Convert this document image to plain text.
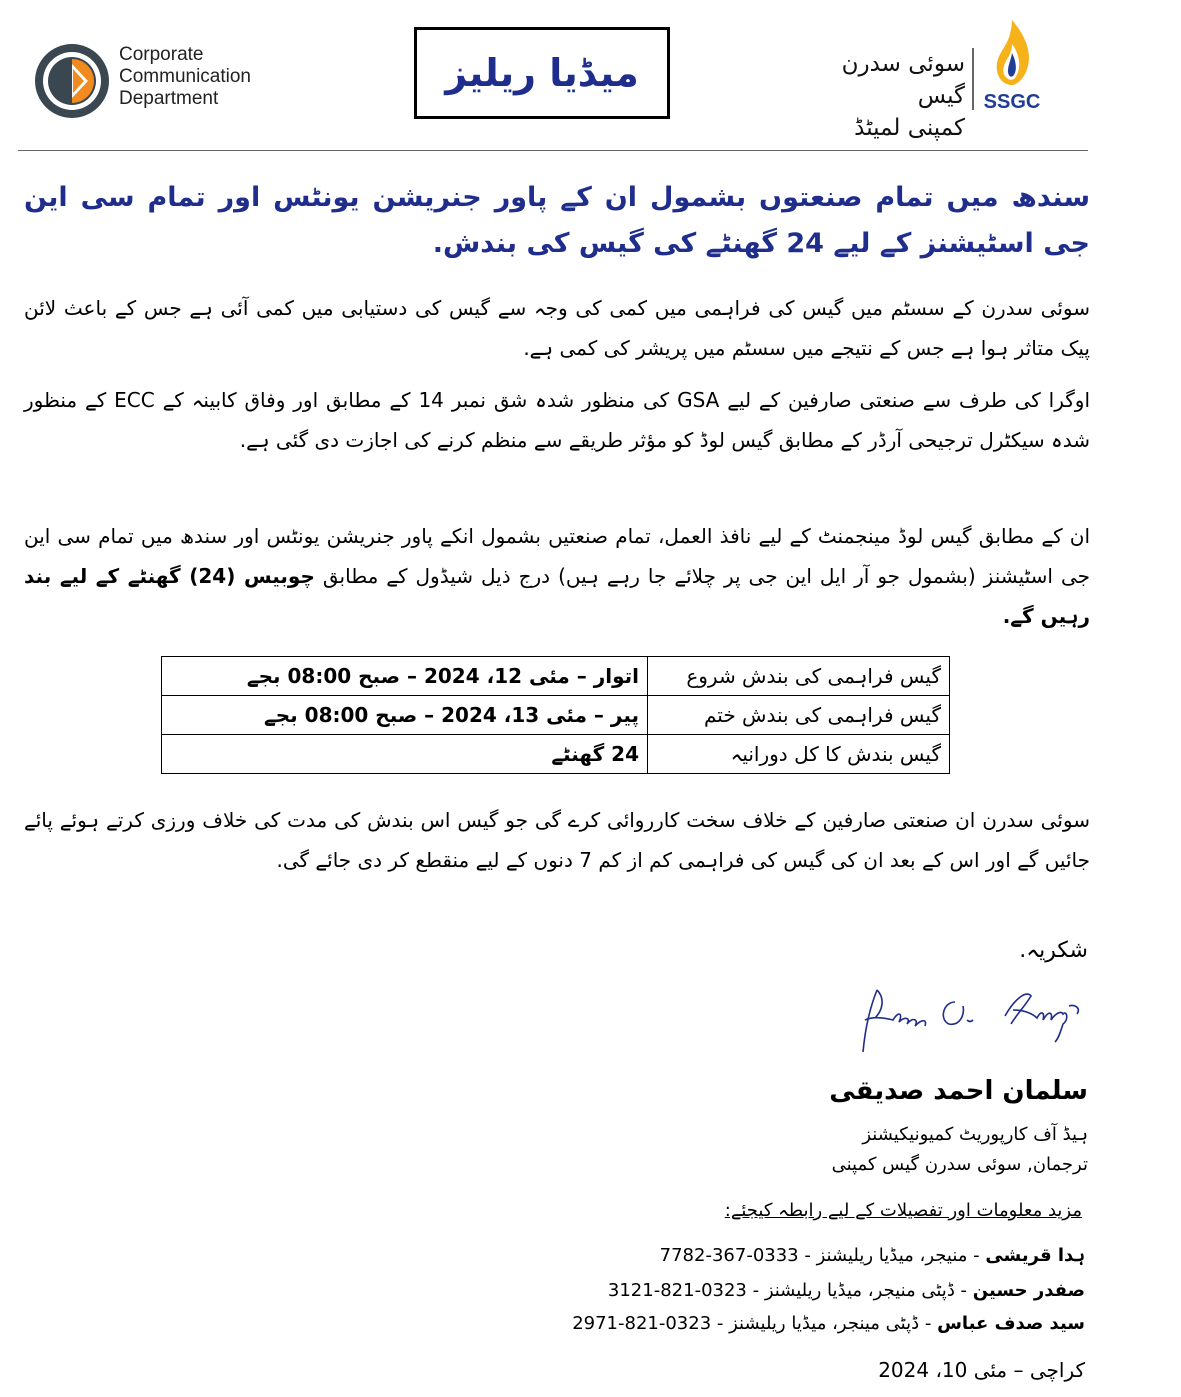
Corporate
Communication
Department
میڈیا ریلیز	سوئی سدرن گیس
کمپنی لمیٹڈ
SSGC
سندھ میں تمام صنعتوں بشمول ان کے پاور جنریشن یونٹس اور تمام سی این جی اسٹیشنز کے لیے 24 گھنٹے کی گیس کی بندش.
سوئی سدرن کے سسٹم میں گیس کی فراہمی میں کمی کی وجہ سے گیس کی دستیابی میں کمی آئی ہے جس کے باعث لائن پیک متاثر ہوا ہے جس کے نتیجے میں سسٹم میں پریشر کی کمی ہے.
اوگرا کی طرف سے صنعتی صارفین کے لیے GSA کی منظور شدہ شق نمبر 14 کے مطابق اور وفاق کابینہ کے ECC کے منظور شدہ سیکٹرل ترجیحی آرڈر کے مطابق گیس لوڈ کو مؤثر طریقے سے منظم کرنے کی اجازت دی گئی ہے.
ان کے مطابق گیس لوڈ مینجمنٹ کے لیے نافذ العمل، تمام صنعتیں بشمول انکے پاور جنریشن یونٹس اور سندھ میں تمام سی این جی اسٹیشنز (بشمول جو آر ایل این جی پر چلائے جا رہے ہیں) درج ذیل شیڈول کے مطابق چوبیس (24) گھنٹے کے لیے بند رہیں گے.
گیس فراہمی کی بندش شروع	اتوار – مئی 12، 2024 – صبح 08:00 بجے
گیس فراہمی کی بندش ختم	پیر – مئی 13، 2024 – صبح 08:00 بجے
گیس بندش کا کل دورانیہ	24 گھنٹے
سوئی سدرن ان صنعتی صارفین کے خلاف سخت کارروائی کرے گی جو گیس اس بندش کی مدت کی خلاف ورزی کرتے ہوئے پائے جائیں گے اور اس کے بعد ان کی گیس کی فراہمی کم از کم 7 دنوں کے لیے منقطع کر دی جائے گی.
شکریہ.
سلمان احمد صدیقی
ہیڈ آف کارپوریٹ کمیونیکیشنز
ترجمان, سوئی سدرن گیس کمپنی
مزید معلومات اور تفصیلات کے لیے رابطہ کیجئے:
ہدا قریشی - منیجر، میڈیا ریلیشنز - 0333-367-7782
صفدر حسین - ڈپٹی منیجر، میڈیا ریلیشنز - 0323-821-3121
سید صدف عباس - ڈپٹی مینجر، میڈیا ریلیشنز - 0323-821-2971
کراچی – مئی 10، 2024
